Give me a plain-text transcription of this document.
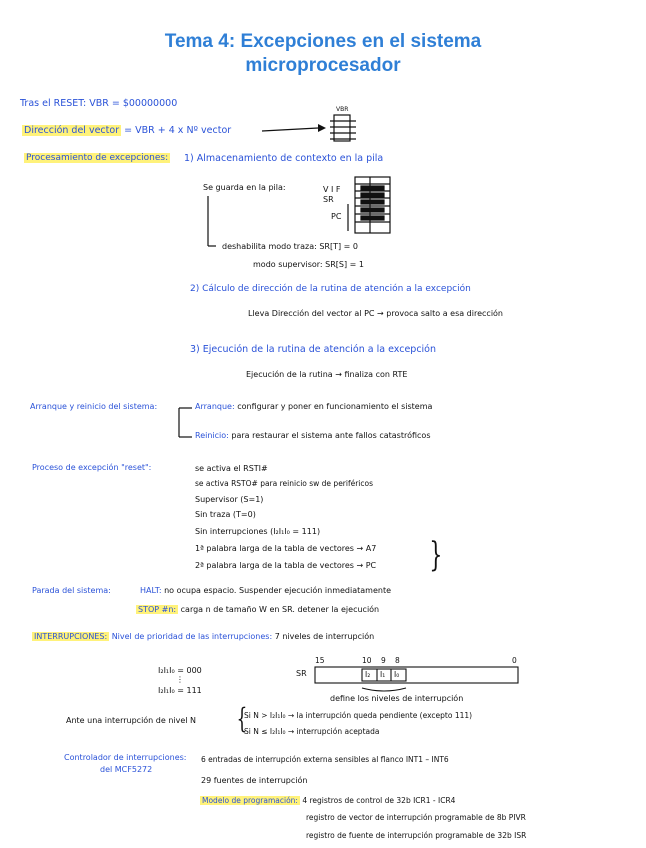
Tema 4: Excepciones en el sistema
microprocesador
Tras el RESET: VBR = $00000000
Dirección del vector = VBR + 4 x Nº vector
VBR
Procesamiento de excepciones: 1) Almacenamiento de contexto en la pila
Se guarda en la pila:	V I F
SR
PC
deshabilita modo traza: SR[T] = 0
modo supervisor: SR[S] = 1
2) Cálculo de dirección de la rutina de atención a la excepción
Lleva Dirección del vector al PC → provoca salto a esa dirección
3) Ejecución de la rutina de atención a la excepción
Ejecución de la rutina → finaliza con RTE
Arranque y reinicio del sistema:	Arranque: configurar y poner en funcionamiento el sistema
Reinicio: para restaurar el sistema ante fallos catastróficos
Proceso de excepción "reset":	se activa el RSTI#
se activa RSTO# para reinicio sw de periféricos
Supervisor (S=1)
Sin traza (T=0)
Sin interrupciones (I₂I₁I₀ = 111)
1ª palabra larga de la tabla de vectores → A7
2ª palabra larga de la tabla de vectores → PC }
Parada del sistema:	HALT: no ocupa espacio. Suspender ejecución inmediatamente
STOP #n: carga n de tamaño W en SR. detener la ejecución
INTERRUPCIONES: Nivel de prioridad de las interrupciones: 7 niveles de interrupción
I₂I₁I₀ = 000
⋮
I₂I₁I₀ = 111
SR
15	10 9 8	0
I₂ I₁ I₀
define los niveles de interrupción
Ante una interrupción de nivel N {
Si N > I₂I₁I₀ → la interrupción queda pendiente (excepto 111)
Si N ≤ I₂I₁I₀ → interrupción aceptada
Controlador de interrupciones:
del MCF5272
6 entradas de interrupción externa sensibles al flanco INT1 – INT6
29 fuentes de interrupción
Modelo de programación: 4 registros de control de 32b ICR1 - ICR4
registro de vector de interrupción programable de 8b PIVR
registro de fuente de interrupción programable de 32b ISR
